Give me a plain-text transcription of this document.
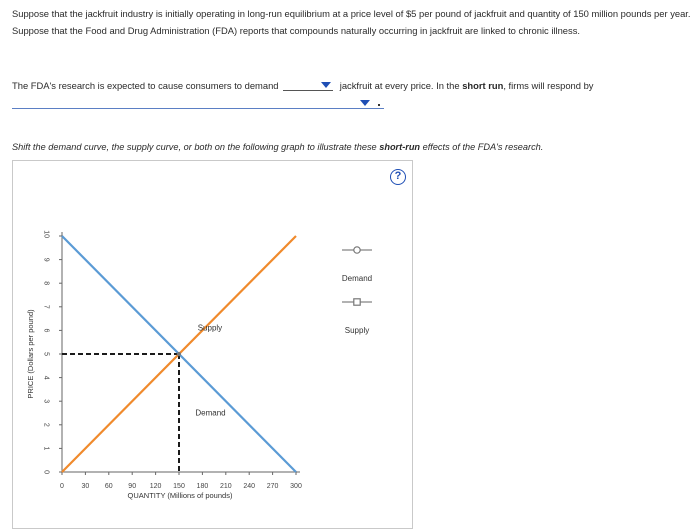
Suppose that the jackfruit industry is initially operating in long-run equilibrium at a price level of $5 per pound of jackfruit and quantity of 150 million pounds per year. Suppose that the Food and Drug Administration (FDA) reports that compounds naturally occurring in jackfruit are linked to chronic illness.
The FDA's research is expected to cause consumers to demand	jackfruit at every price. In the short run, firms will respond by
Shift the demand curve, the supply curve, or both on the following graph to illustrate these short-run effects of the FDA's research.
?
0
1
2
3
4
5
6
7
8
9
10
0	30 60 90 120 150 180 210 240 270 300
QUANTITY (Millions of pounds)
PRICE (Dollars per pound)	Supply
Demand
Demand
Supply
